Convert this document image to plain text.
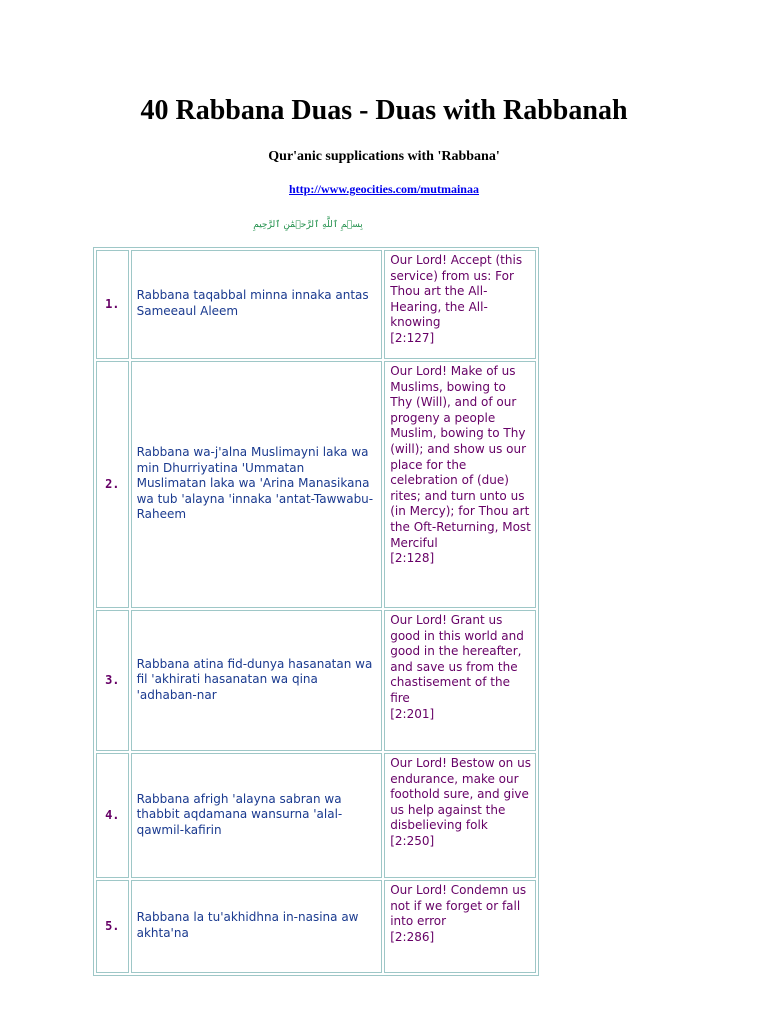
40 Rabbana Duas - Duas with Rabbanah
Qur'anic supplications with 'Rabbana'
http://www.geocities.com/mutmainaa
بِسۡمِ ٱللَّهِ ٱلرَّحۡمَٰنِ ٱلرَّحِيمِ
1.	Rabbana taqabbal minna innaka antas Sameeaul Aleem	Our Lord! Accept (this service) from us: For Thou art the All-Hearing, the All-knowing
[2:127]
2.	Rabbana wa-j'alna Muslimayni laka wa min Dhurriyatina 'Ummatan Muslimatan laka wa 'Arina Manasikana wa tub 'alayna 'innaka 'antat-Tawwabu-Raheem	Our Lord! Make of us Muslims, bowing to Thy (Will), and of our progeny a people Muslim, bowing to Thy (will); and show us our place for the celebration of (due) rites; and turn unto us (in Mercy); for Thou art the Oft-Returning, Most Merciful
[2:128]
3.	Rabbana atina fid-dunya hasanatan wa fil 'akhirati hasanatan wa qina 'adhaban-nar	Our Lord! Grant us good in this world and good in the hereafter, and save us from the chastisement of the fire
[2:201]
4.	Rabbana afrigh 'alayna sabran wa thabbit aqdamana wansurna 'alal-qawmil-kafirin	Our Lord! Bestow on us endurance, make our foothold sure, and give us help against the disbelieving folk
[2:250]
5.	Rabbana la tu'akhidhna in-nasina aw akhta'na	Our Lord! Condemn us not if we forget or fall into error
[2:286]
